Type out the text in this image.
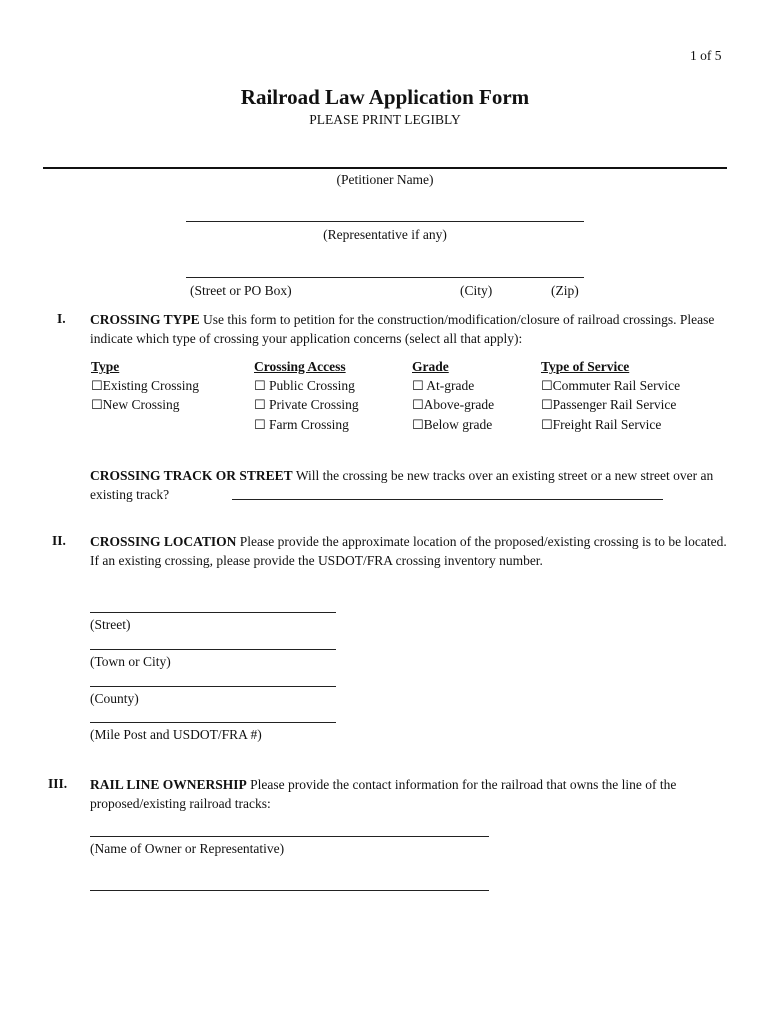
1 of 5
Railroad Law Application Form
PLEASE PRINT LEGIBLY
(Petitioner Name)
(Representative if any)
(Street or PO Box)	(City)	(Zip)
I. CROSSING TYPE Use this form to petition for the construction/modification/closure of railroad crossings. Please indicate which type of crossing your application concerns (select all that apply):
Type
☐Existing Crossing
☐New Crossing
Crossing Access
☐ Public Crossing
☐ Private Crossing
☐ Farm Crossing
Grade
☐ At-grade
☐Above-grade
☐Below grade
Type of Service
☐Commuter Rail Service
☐Passenger Rail Service
☐Freight Rail Service
CROSSING TRACK OR STREET Will the crossing be new tracks over an existing street or a new street over an existing track?
II. CROSSING LOCATION Please provide the approximate location of the proposed/existing crossing is to be located. If an existing crossing, please provide the USDOT/FRA crossing inventory number.
(Street)
(Town or City)
(County)
(Mile Post and USDOT/FRA #)
III. RAIL LINE OWNERSHIP Please provide the contact information for the railroad that owns the line of the proposed/existing railroad tracks:
(Name of Owner or Representative)
